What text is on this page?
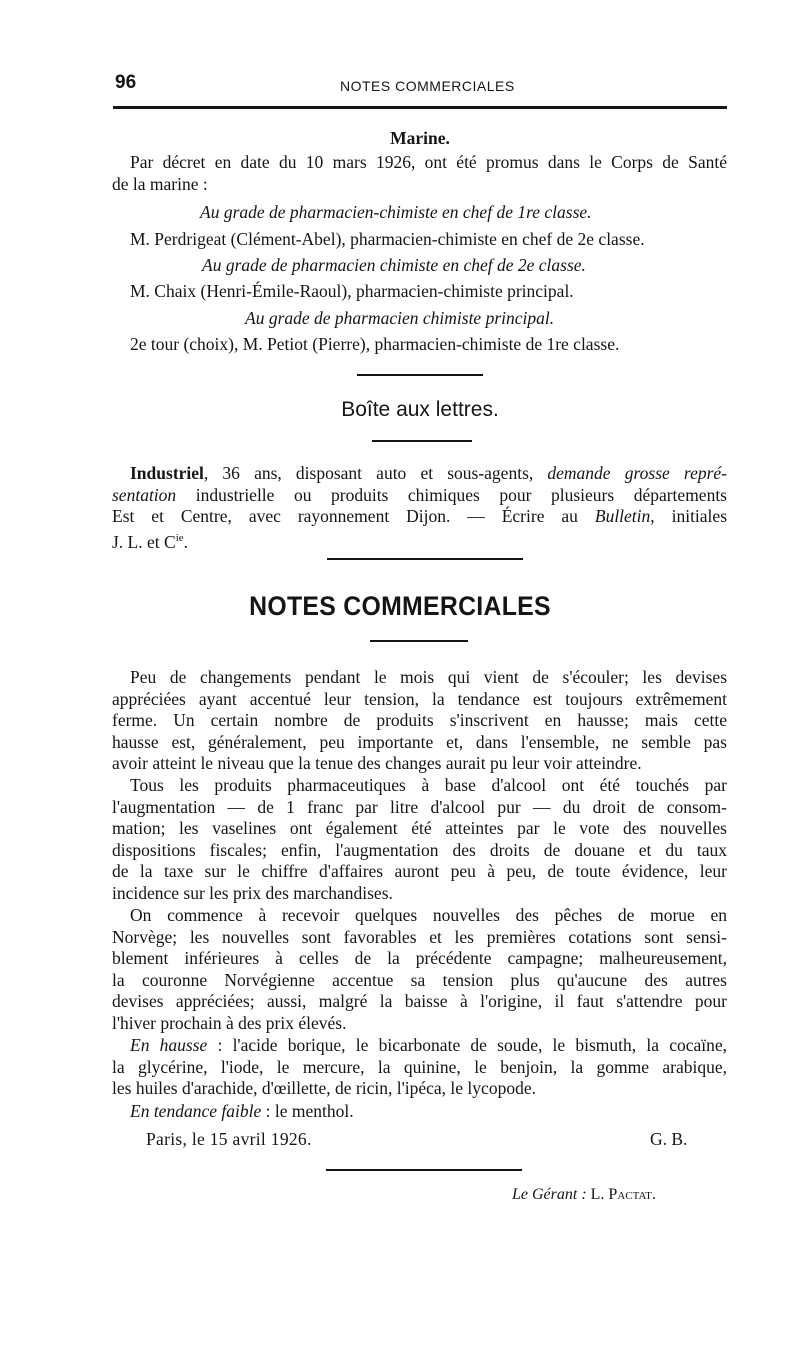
96	NOTES COMMERCIALES
Marine.
Par décret en date du 10 mars 1926, ont été promus dans le Corps de Santé
de la marine :
Au grade de pharmacien-chimiste en chef de 1re classe.
M. Perdrigeat (Clément-Abel), pharmacien-chimiste en chef de 2e classe.
Au grade de pharmacien chimiste en chef de 2e classe.
M. Chaix (Henri-Émile-Raoul), pharmacien-chimiste principal.
Au grade de pharmacien chimiste principal.
2e tour (choix), M. Petiot (Pierre), pharmacien-chimiste de 1re classe.
Boîte aux lettres.
Industriel, 36 ans, disposant auto et sous-agents, demande grosse repré-
sentation industrielle ou produits chimiques pour plusieurs départements
Est et Centre, avec rayonnement Dijon. — Écrire au Bulletin, initiales
J. L. et $C^{ie}$.
NOTES COMMERCIALES
Peu de changements pendant le mois qui vient de s'écouler; les devises
appréciées ayant accentué leur tension, la tendance est toujours extrêmement
ferme. Un certain nombre de produits s'inscrivent en hausse; mais cette
hausse est, généralement, peu importante et, dans l'ensemble, ne semble pas
avoir atteint le niveau que la tenue des changes aurait pu leur voir atteindre.
Tous les produits pharmaceutiques à base d'alcool ont été touchés par
l'augmentation — de 1 franc par litre d'alcool pur — du droit de consom-
mation; les vaselines ont également été atteintes par le vote des nouvelles
dispositions fiscales; enfin, l'augmentation des droits de douane et du taux
de la taxe sur le chiffre d'affaires auront peu à peu, de toute évidence, leur
incidence sur les prix des marchandises.
On commence à recevoir quelques nouvelles des pêches de morue en
Norvège; les nouvelles sont favorables et les premières cotations sont sensi-
blement inférieures à celles de la précédente campagne; malheureusement,
la couronne Norvégienne accentue sa tension plus qu'aucune des autres
devises appréciées; aussi, malgré la baisse à l'origine, il faut s'attendre pour
l'hiver prochain à des prix élevés.
En hausse : l'acide borique, le bicarbonate de soude, le bismuth, la cocaïne,
la glycérine, l'iode, le mercure, la quinine, le benjoin, la gomme arabique,
les huiles d'arachide, d'œillette, de ricin, l'ipéca, le lycopode.
En tendance faible : le menthol.
Paris, le 15 avril 1926.	G. B.
Le Gérant : L. Pactat.
